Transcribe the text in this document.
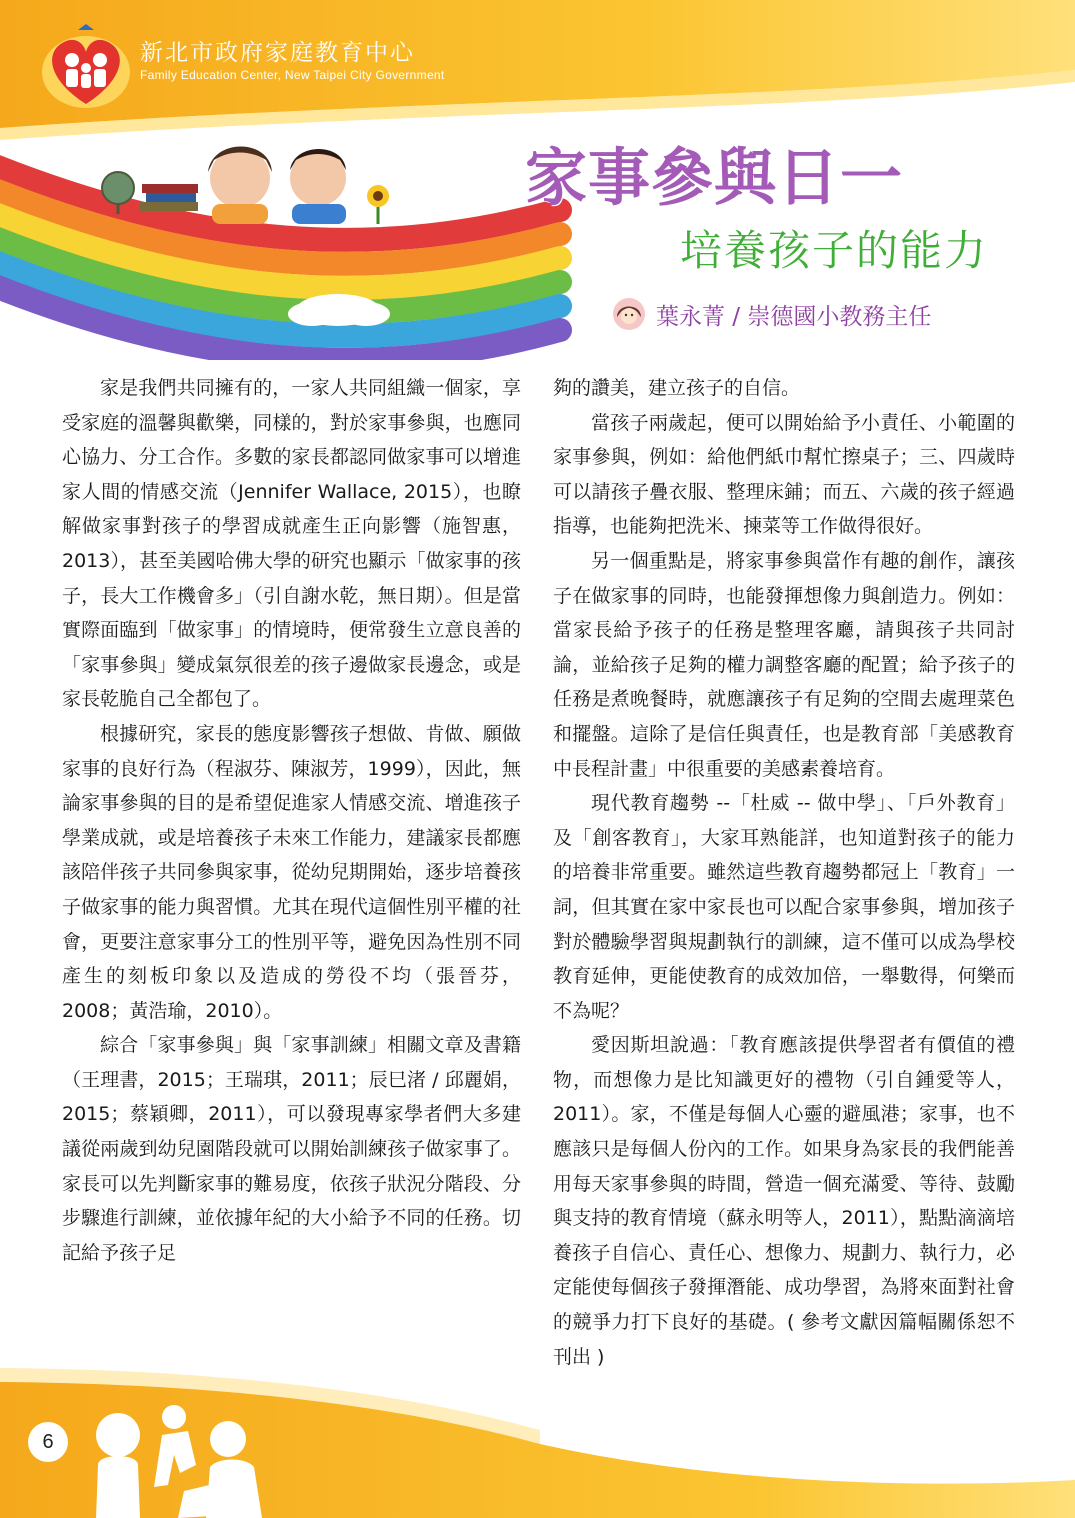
新北市政府家庭教育中心
Family Education Center, New Taipei City Government
家事參與日一
培養孩子的能力
葉永菁 / 崇德國小教務主任

家是我們共同擁有的，一家人共同組織一個家，享受家庭的溫馨與歡樂，同樣的，對於家事參與，也應同心協力、分工合作。多數的家長都認同做家事可以增進家人間的情感交流（Jennifer Wallace, 2015），也瞭解做家事對孩子的學習成就產生正向影響（施智惠，2013），甚至美國哈佛大學的研究也顯示「做家事的孩子，長大工作機會多」（引自謝水乾，無日期）。但是當實際面臨到「做家事」的情境時，便常發生立意良善的「家事參與」變成氣氛很差的孩子邊做家長邊念，或是家長乾脆自己全都包了。

根據研究，家長的態度影響孩子想做、肯做、願做家事的良好行為（程淑芬、陳淑芳，1999），因此，無論家事參與的目的是希望促進家人情感交流、增進孩子學業成就，或是培養孩子未來工作能力，建議家長都應該陪伴孩子共同參與家事，從幼兒期開始，逐步培養孩子做家事的能力與習慣。尤其在現代這個性別平權的社會，更要注意家事分工的性別平等，避免因為性別不同產生的刻板印象以及造成的勞役不均（張晉芬，2008；黃浩瑜，2010）。

綜合「家事參與」與「家事訓練」相關文章及書籍（王理書，2015；王瑞琪，2011；辰巳渚 / 邱麗娟，2015；蔡穎卿，2011），可以發現專家學者們大多建議從兩歲到幼兒園階段就可以開始訓練孩子做家事了。家長可以先判斷家事的難易度，依孩子狀況分階段、分步驟進行訓練，並依據年紀的大小給予不同的任務。切記給予孩子足

夠的讚美，建立孩子的自信。

當孩子兩歲起，便可以開始給予小責任、小範圍的家事參與，例如：給他們紙巾幫忙擦桌子；三、四歲時可以請孩子疊衣服、整理床鋪；而五、六歲的孩子經過指導，也能夠把洗米、揀菜等工作做得很好。

另一個重點是，將家事參與當作有趣的創作，讓孩子在做家事的同時，也能發揮想像力與創造力。例如：當家長給予孩子的任務是整理客廳，請與孩子共同討論，並給孩子足夠的權力調整客廳的配置；給予孩子的任務是煮晚餐時，就應讓孩子有足夠的空間去處理菜色和擺盤。這除了是信任與責任，也是教育部「美感教育中長程計畫」中很重要的美感素養培育。

現代教育趨勢 --「杜威 -- 做中學」、「戶外教育」及「創客教育」，大家耳熟能詳，也知道對孩子的能力的培養非常重要。雖然這些教育趨勢都冠上「教育」一詞，但其實在家中家長也可以配合家事參與，增加孩子對於體驗學習與規劃執行的訓練，這不僅可以成為學校教育延伸，更能使教育的成效加倍，一舉數得，何樂而不為呢？

愛因斯坦說過：「教育應該提供學習者有價值的禮物，而想像力是比知識更好的禮物（引自鍾愛等人，2011）。家，不僅是每個人心靈的避風港；家事，也不應該只是每個人份內的工作。如果身為家長的我們能善用每天家事參與的時間，營造一個充滿愛、等待、鼓勵與支持的教育情境（蘇永明等人，2011），點點滴滴培養孩子自信心、責任心、想像力、規劃力、執行力，必定能使每個孩子發揮潛能、成功學習，為將來面對社會的競爭力打下良好的基礎。( 參考文獻因篇幅關係恕不刊出 )

6
